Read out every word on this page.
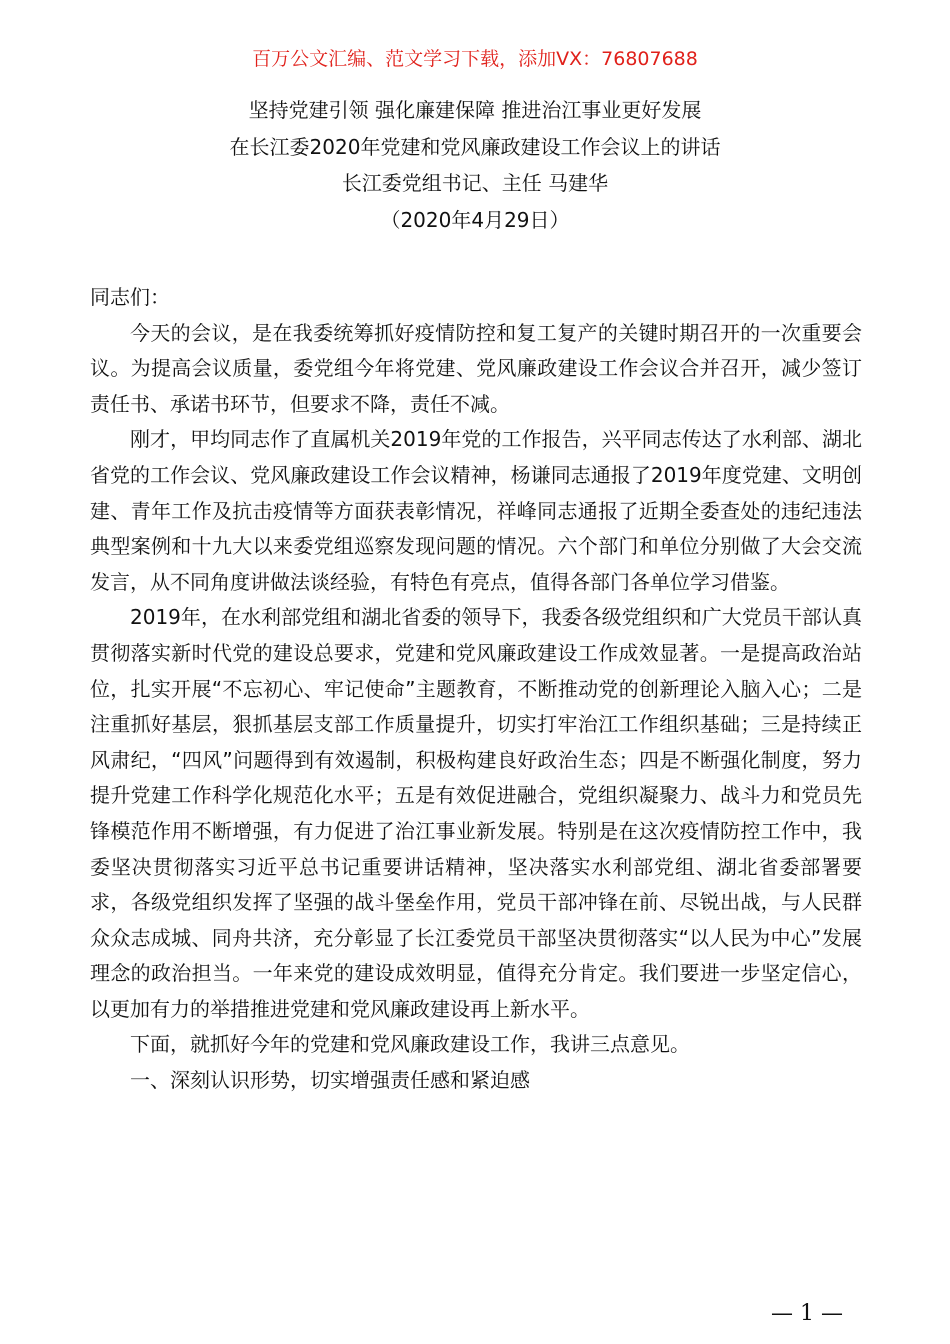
百万公文汇编、范文学习下载，添加VX：76807688
坚持党建引领 强化廉建保障 推进治江事业更好发展
在长江委2020年党建和党风廉政建设工作会议上的讲话
长江委党组书记、主任 马建华
（2020年4月29日）

同志们：

今天的会议，是在我委统筹抓好疫情防控和复工复产的关键时期召开的一次重要会议。为提高会议质量，委党组今年将党建、党风廉政建设工作会议合并召开，减少签订责任书、承诺书环节，但要求不降，责任不减。

刚才，甲均同志作了直属机关2019年党的工作报告，兴平同志传达了水利部、湖北省党的工作会议、党风廉政建设工作会议精神，杨谦同志通报了2019年度党建、文明创建、青年工作及抗击疫情等方面获表彰情况，祥峰同志通报了近期全委查处的违纪违法典型案例和十九大以来委党组巡察发现问题的情况。六个部门和单位分别做了大会交流发言，从不同角度讲做法谈经验，有特色有亮点，值得各部门各单位学习借鉴。

2019年，在水利部党组和湖北省委的领导下，我委各级党组织和广大党员干部认真贯彻落实新时代党的建设总要求，党建和党风廉政建设工作成效显著。一是提高政治站位，扎实开展“不忘初心、牢记使命”主题教育，不断推动党的创新理论入脑入心；二是注重抓好基层，狠抓基层支部工作质量提升，切实打牢治江工作组织基础；三是持续正风肃纪，“四风”问题得到有效遏制，积极构建良好政治生态；四是不断强化制度，努力提升党建工作科学化规范化水平；五是有效促进融合，党组织凝聚力、战斗力和党员先锋模范作用不断增强，有力促进了治江事业新发展。特别是在这次疫情防控工作中，我委坚决贯彻落实习近平总书记重要讲话精神，坚决落实水利部党组、湖北省委部署要求，各级党组织发挥了坚强的战斗堡垒作用，党员干部冲锋在前、尽锐出战，与人民群众众志成城、同舟共济，充分彰显了长江委党员干部坚决贯彻落实“以人民为中心”发展理念的政治担当。一年来党的建设成效明显，值得充分肯定。我们要进一步坚定信心，以更加有力的举措推进党建和党风廉政建设再上新水平。

下面，就抓好今年的党建和党风廉政建设工作，我讲三点意见。

一、深刻认识形势，切实增强责任感和紧迫感

— 1 —
